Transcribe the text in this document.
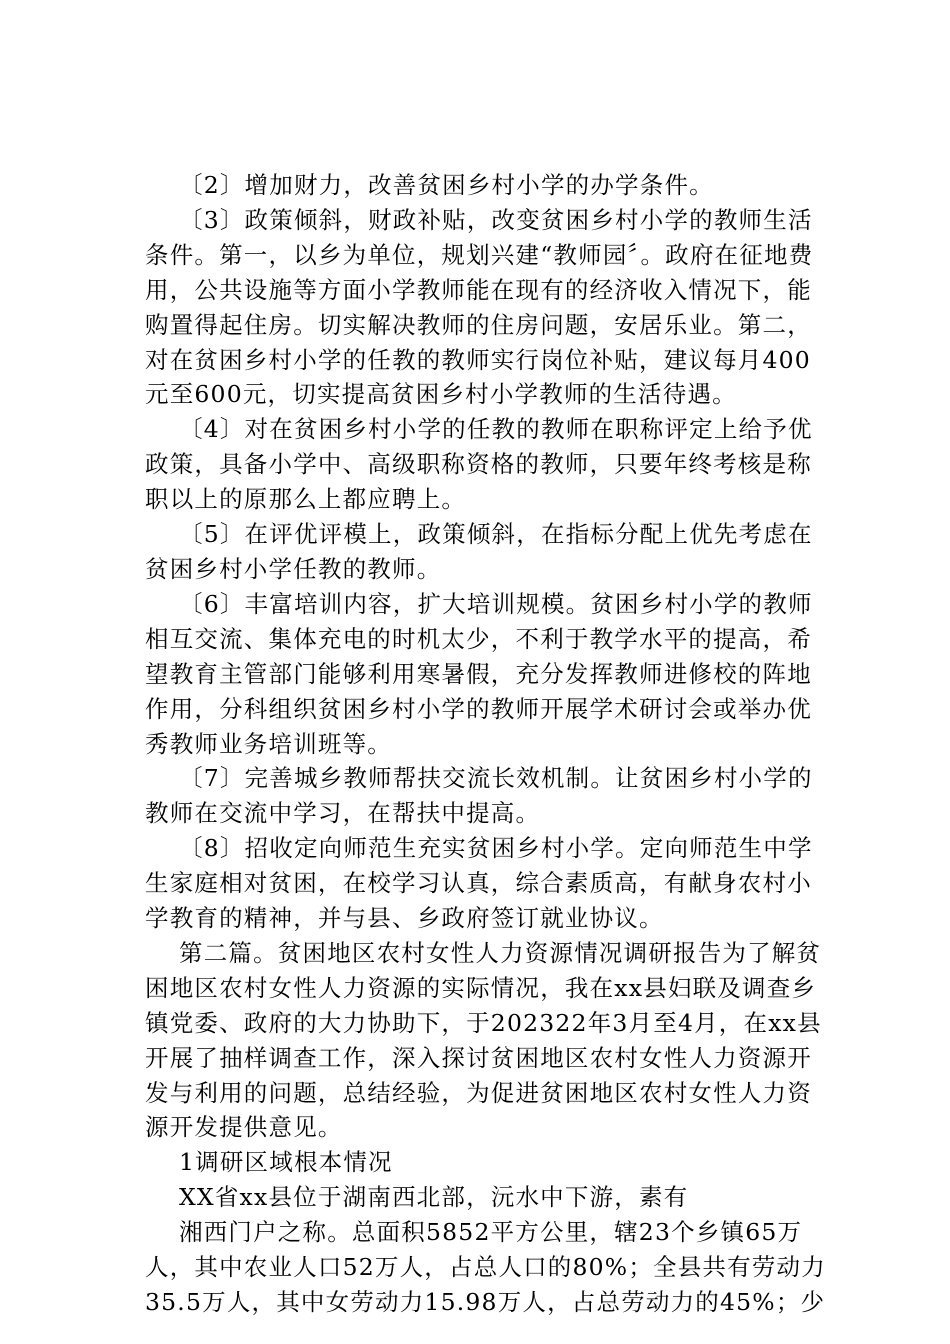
〔2〕增加财力，改善贫困乡村小学的办学条件。

〔3〕政策倾斜，财政补贴，改变贫困乡村小学的教师生活条件。第一，以乡为单位，规划兴建“教师园〞。政府在征地费用，公共设施等方面小学教师能在现有的经济收入情况下，能购置得起住房。切实解决教师的住房问题，安居乐业。第二，对在贫困乡村小学的任教的教师实行岗位补贴，建议每月400元至600元，切实提高贫困乡村小学教师的生活待遇。

〔4〕对在贫困乡村小学的任教的教师在职称评定上给予优政策，具备小学中、高级职称资格的教师，只要年终考核是称职以上的原那么上都应聘上。

〔5〕在评优评模上，政策倾斜，在指标分配上优先考虑在贫困乡村小学任教的教师。

〔6〕丰富培训内容，扩大培训规模。贫困乡村小学的教师相互交流、集体充电的时机太少，不利于教学水平的提高，希望教育主管部门能够利用寒暑假，充分发挥教师进修校的阵地作用，分科组织贫困乡村小学的教师开展学术研讨会或举办优秀教师业务培训班等。

〔7〕完善城乡教师帮扶交流长效机制。让贫困乡村小学的教师在交流中学习，在帮扶中提高。

〔8〕招收定向师范生充实贫困乡村小学。定向师范生中学生家庭相对贫困，在校学习认真，综合素质高，有献身农村小学教育的精神，并与县、乡政府签订就业协议。

第二篇。贫困地区农村女性人力资源情况调研报告为了解贫困地区农村女性人力资源的实际情况，我在xx县妇联及调查乡镇党委、政府的大力协助下，于202322年3月至4月，在xx县开展了抽样调查工作，深入探讨贫困地区农村女性人力资源开发与利用的问题，总结经验，为促进贫困地区农村女性人力资源开发提供意见。

1调研区域根本情况

XX省xx县位于湖南西北部，沅水中下游，素有

湘西门户之称。总面积5852平方公里，辖23个乡镇65万人，其中农业人口52万人，占总人口的80%；全县共有劳动力35.5万人，其中女劳动力15.98万人，占总劳动力的45%；少
